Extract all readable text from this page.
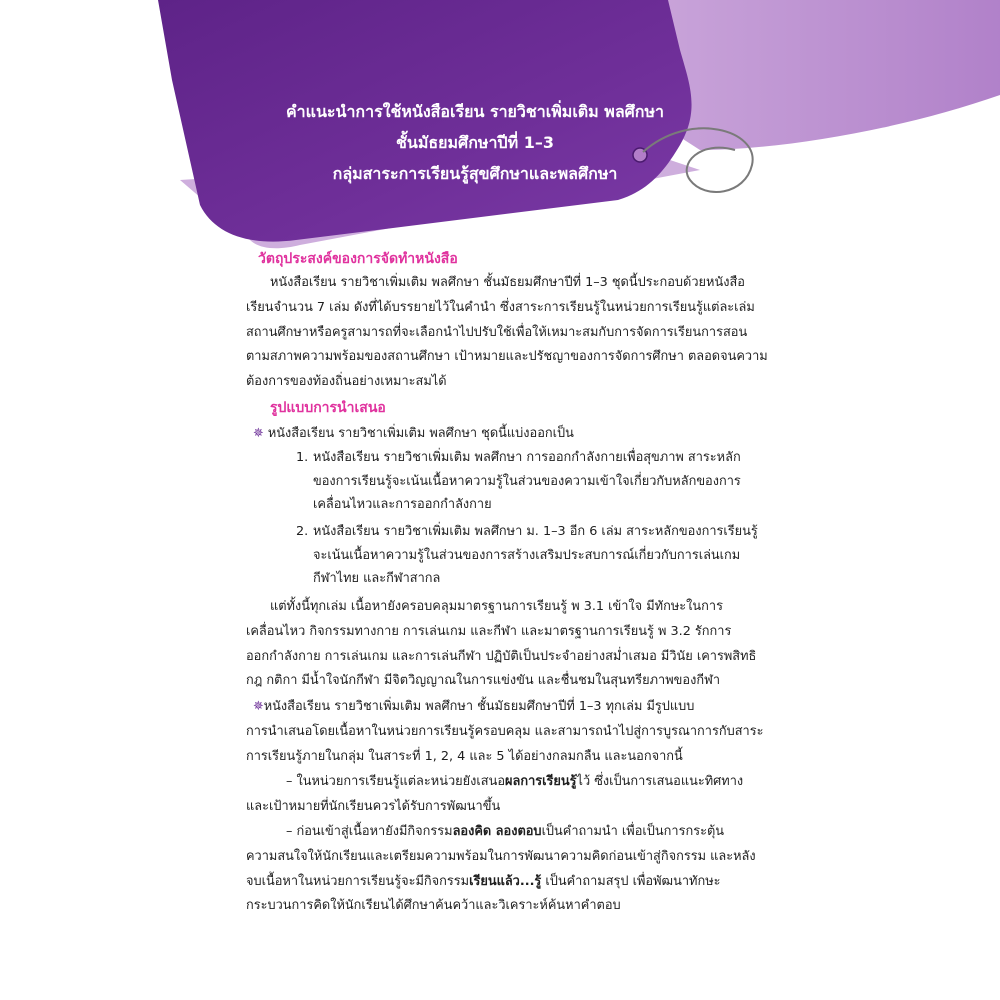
คำแนะนำการใช้หนังสือเรียน รายวิชาเพิ่มเติม พลศึกษา
ชั้นมัธยมศึกษาปีที่ 1–3
กลุ่มสาระการเรียนรู้สุขศึกษาและพลศึกษา
วัตถุประสงค์ของการจัดทำหนังสือ
หนังสือเรียน รายวิชาเพิ่มเติม พลศึกษา ชั้นมัธยมศึกษาปีที่ 1–3 ชุดนี้ประกอบด้วยหนังสือ
เรียนจำนวน 7 เล่ม ดังที่ได้บรรยายไว้ในคำนำ ซึ่งสาระการเรียนรู้ในหน่วยการเรียนรู้แต่ละเล่ม
สถานศึกษาหรือครูสามารถที่จะเลือกนำไปปรับใช้เพื่อให้เหมาะสมกับการจัดการเรียนการสอน
ตามสภาพความพร้อมของสถานศึกษา เป้าหมายและปรัชญาของการจัดการศึกษา ตลอดจนความ
ต้องการของท้องถิ่นอย่างเหมาะสมได้
รูปแบบการนำเสนอ
✵ หนังสือเรียน รายวิชาเพิ่มเติม พลศึกษา ชุดนี้แบ่งออกเป็น
1. หนังสือเรียน รายวิชาเพิ่มเติม พลศึกษา การออกกำลังกายเพื่อสุขภาพ สาระหลัก
ของการเรียนรู้จะเน้นเนื้อหาความรู้ในส่วนของความเข้าใจเกี่ยวกับหลักของการ
เคลื่อนไหวและการออกกำลังกาย
2. หนังสือเรียน รายวิชาเพิ่มเติม พลศึกษา ม. 1–3 อีก 6 เล่ม สาระหลักของการเรียนรู้
จะเน้นเนื้อหาความรู้ในส่วนของการสร้างเสริมประสบการณ์เกี่ยวกับการเล่นเกม
กีฬาไทย และกีฬาสากล
แต่ทั้งนี้ทุกเล่ม เนื้อหายังครอบคลุมมาตรฐานการเรียนรู้ พ 3.1 เข้าใจ มีทักษะในการ
เคลื่อนไหว กิจกรรมทางกาย การเล่นเกม และกีฬา และมาตรฐานการเรียนรู้ พ 3.2 รักการ
ออกกำลังกาย การเล่นเกม และการเล่นกีฬา ปฏิบัติเป็นประจำอย่างสม่ำเสมอ มีวินัย เคารพสิทธิ
กฎ กติกา มีน้ำใจนักกีฬา มีจิตวิญญาณในการแข่งขัน และชื่นชมในสุนทรียภาพของกีฬา
✵หนังสือเรียน รายวิชาเพิ่มเติม พลศึกษา ชั้นมัธยมศึกษาปีที่ 1–3 ทุกเล่ม มีรูปแบบ
การนำเสนอโดยเนื้อหาในหน่วยการเรียนรู้ครอบคลุม และสามารถนำไปสู่การบูรณาการกับสาระ
การเรียนรู้ภายในกลุ่ม ในสาระที่ 1, 2, 4 และ 5 ได้อย่างกลมกลืน และนอกจากนี้
– ในหน่วยการเรียนรู้แต่ละหน่วยยังเสนอผลการเรียนรู้ไว้ ซึ่งเป็นการเสนอแนะทิศทาง
และเป้าหมายที่นักเรียนควรได้รับการพัฒนาขึ้น
– ก่อนเข้าสู่เนื้อหายังมีกิจกรรมลองคิด ลองตอบเป็นคำถามนำ เพื่อเป็นการกระตุ้น
ความสนใจให้นักเรียนและเตรียมความพร้อมในการพัฒนาความคิดก่อนเข้าสู่กิจกรรม และหลัง
จบเนื้อหาในหน่วยการเรียนรู้จะมีกิจกรรมเรียนแล้ว...รู้ เป็นคำถามสรุป เพื่อพัฒนาทักษะ
กระบวนการคิดให้นักเรียนได้ศึกษาค้นคว้าและวิเคราะห์ค้นหาคำตอบ
